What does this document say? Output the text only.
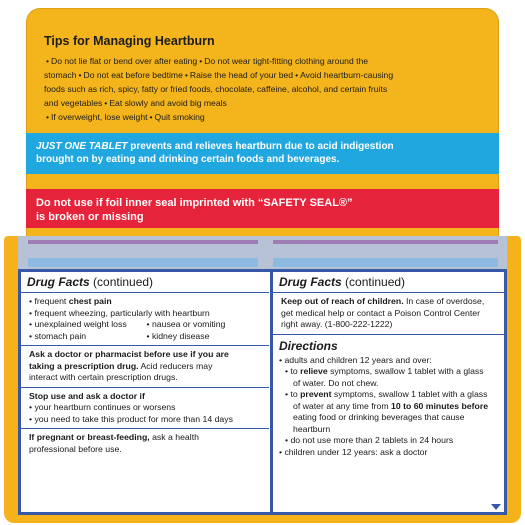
Tips for Managing Heartburn
• Do not lie flat or bend over after eating • Do not wear tight-fitting clothing around the
stomach • Do not eat before bedtime • Raise the head of your bed • Avoid heartburn-causing
foods such as rich, spicy, fatty or fried foods, chocolate, caffeine, alcohol, and certain fruits
and vegetables • Eat slowly and avoid big meals
• If overweight, lose weight • Quit smoking
JUST ONE TABLET prevents and relieves heartburn due to acid indigestion
brought on by eating and drinking certain foods and beverages.
Do not use if foil inner seal imprinted with “SAFETY SEAL®”
is broken or missing
Drug Facts (continued)
• frequent chest pain
• frequent wheezing, particularly with heartburn
• unexplained weight loss	• nausea or vomiting
• stomach pain	• kidney disease
Ask a doctor or pharmacist before use if you are
taking a prescription drug. Acid reducers may
interact with certain prescription drugs.
Stop use and ask a doctor if
• your heartburn continues or worsens
• you need to take this product for more than 14 days
If pregnant or breast-feeding, ask a health
professional before use.
Drug Facts (continued)
Keep out of reach of children. In case of overdose,
get medical help or contact a Poison Control Center
right away. (1-800-222-1222)
Directions
• adults and children 12 years and over:
• to relieve symptoms, swallow 1 tablet with a glass
of water. Do not chew.
• to prevent symptoms, swallow 1 tablet with a glass
of water at any time from 10 to 60 minutes before
eating food or drinking beverages that cause
heartburn
• do not use more than 2 tablets in 24 hours
• children under 12 years: ask a doctor
